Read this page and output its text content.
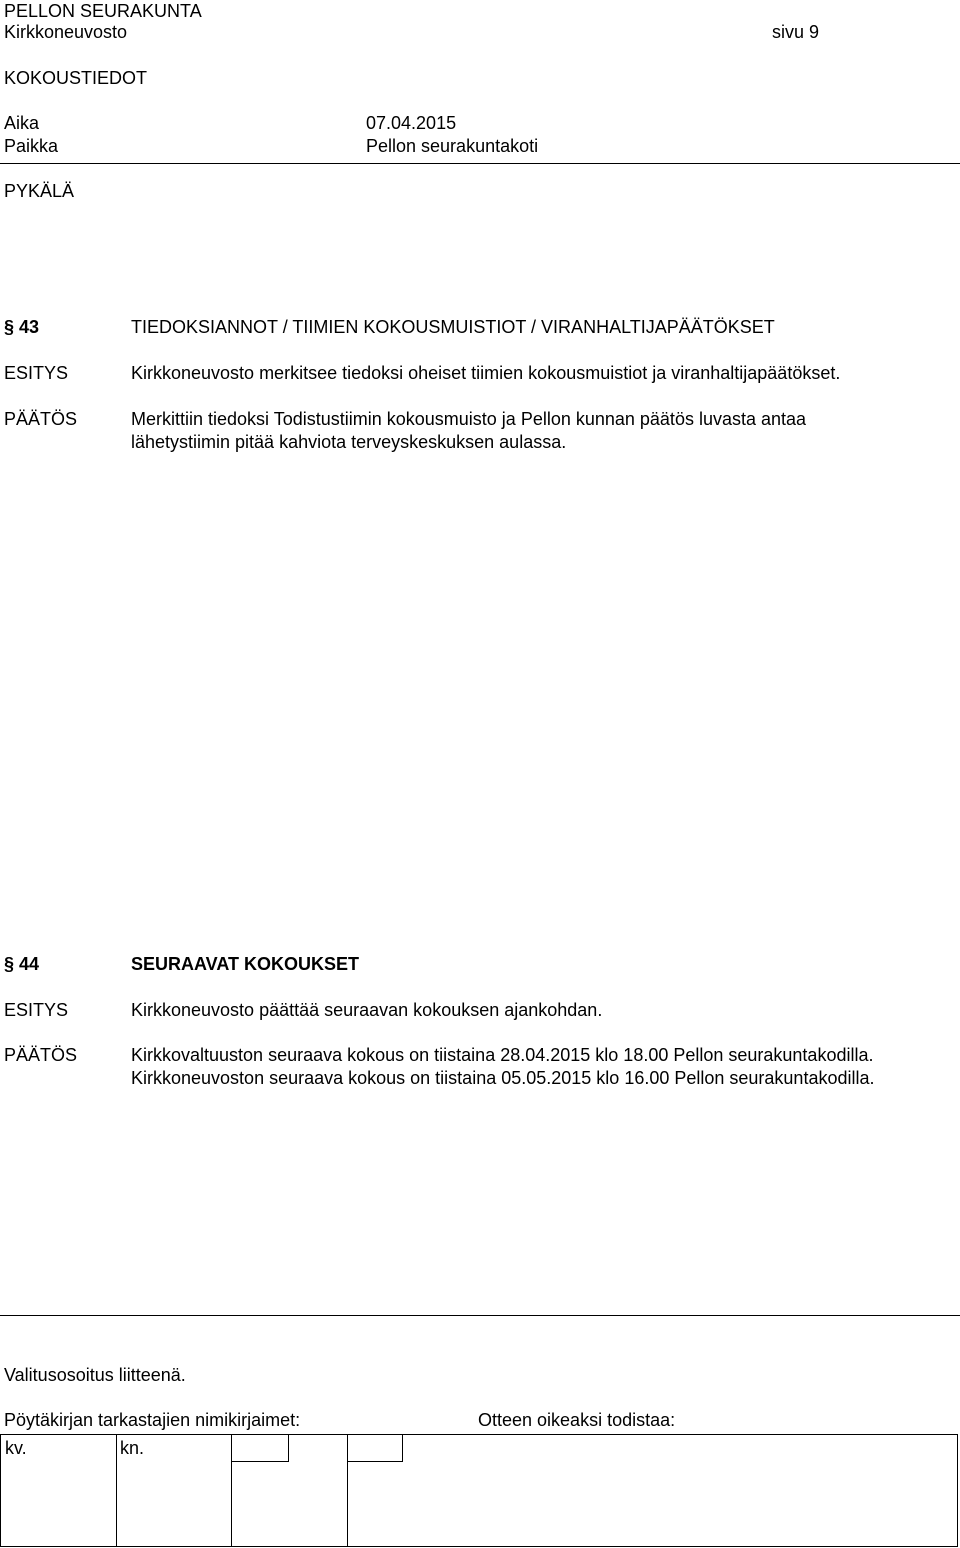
PELLON SEURAKUNTA
Kirkkoneuvosto	sivu 9
KOKOUSTIEDOT
Aika	07.04.2015
Paikka	Pellon seurakuntakoti
PYKÄLÄ
§ 43	TIEDOKSIANNOT / TIIMIEN KOKOUSMUISTIOT / VIRANHALTIJAPÄÄTÖKSET
ESITYS	Kirkkoneuvosto merkitsee tiedoksi oheiset tiimien kokousmuistiot ja viranhaltijapäätökset.
PÄÄTÖS	Merkittiin tiedoksi Todistustiimin kokousmuisto ja Pellon kunnan päätös luvasta antaa
lähetystiimin pitää kahviota terveyskeskuksen aulassa.
§ 44	SEURAAVAT KOKOUKSET
ESITYS	Kirkkoneuvosto päättää seuraavan kokouksen ajankohdan.
PÄÄTÖS	Kirkkovaltuuston seuraava kokous on tiistaina 28.04.2015 klo 18.00 Pellon seurakuntakodilla.
Kirkkoneuvoston seuraava kokous on tiistaina 05.05.2015 klo 16.00 Pellon seurakuntakodilla.
Valitusosoitus liitteenä.
Pöytäkirjan tarkastajien nimikirjaimet:	Otteen oikeaksi todistaa:
kv.	kn.
